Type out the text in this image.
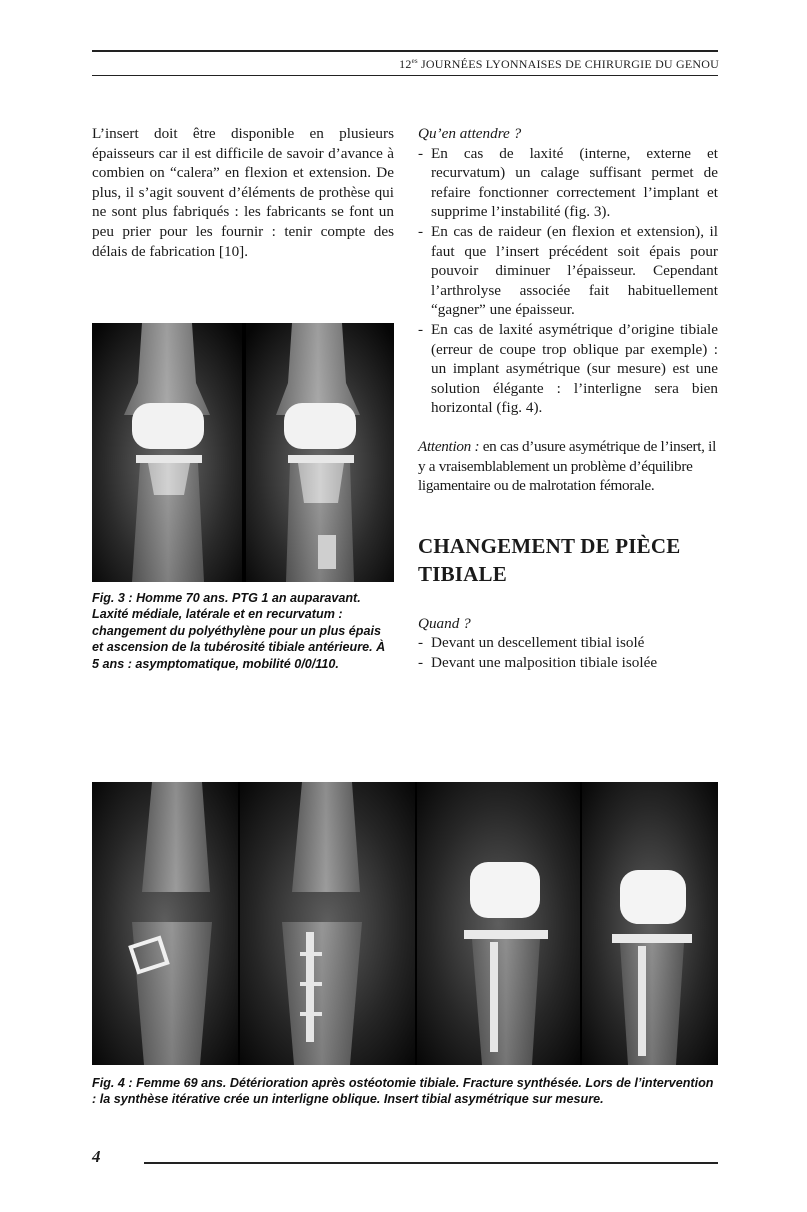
$12^{es}$ JOURNÉES LYONNAISES DE CHIRURGIE DU GENOU

L’insert doit être disponible en plusieurs épaisseurs car il est difficile de savoir d’avance à combien on “calera” en flexion et extension. De plus, il s’agit souvent d’éléments de prothèse qui ne sont plus fabriqués : les fabricants se font un peu prier pour les fournir : tenir compte des délais de fabrication [10].

Fig. 3 : Homme 70 ans. PTG 1 an auparavant. Laxité médiale, latérale et en recurvatum : changement du polyéthylène pour un plus épais et ascension de la tubérosité tibiale antérieure. À 5 ans : asymptomatique, mobilité 0/0/110.

Qu’en attendre ?

- En cas de laxité (interne, externe et recurvatum) un calage suffisant permet de refaire fonctionner correctement l’implant et supprime l’instabilité (fig. 3).
- En cas de raideur (en flexion et extension), il faut que l’insert précédent soit épais pour pouvoir diminuer l’épaisseur. Cependant l’arthrolyse associée fait habituellement “gagner” une épaisseur.
- En cas de laxité asymétrique d’origine tibiale (erreur de coupe trop oblique par exemple) : un implant asymétrique (sur mesure) est une solution élégante : l’interligne sera bien horizontal (fig. 4).

Attention : en cas d’usure asymétrique de l’insert, il y a vraisemblablement un problème d’équilibre ligamentaire ou de malrotation fémorale.

CHANGEMENT DE PIÈCE TIBIALE

Quand ?

- Devant un descellement tibial isolé
- Devant une malposition tibiale isolée
Fig. 4 : Femme 69 ans. Détérioration après ostéotomie tibiale. Fracture synthésée. Lors de l’intervention : la synthèse itérative crée un interligne oblique. Insert tibial asymétrique sur mesure.
4
